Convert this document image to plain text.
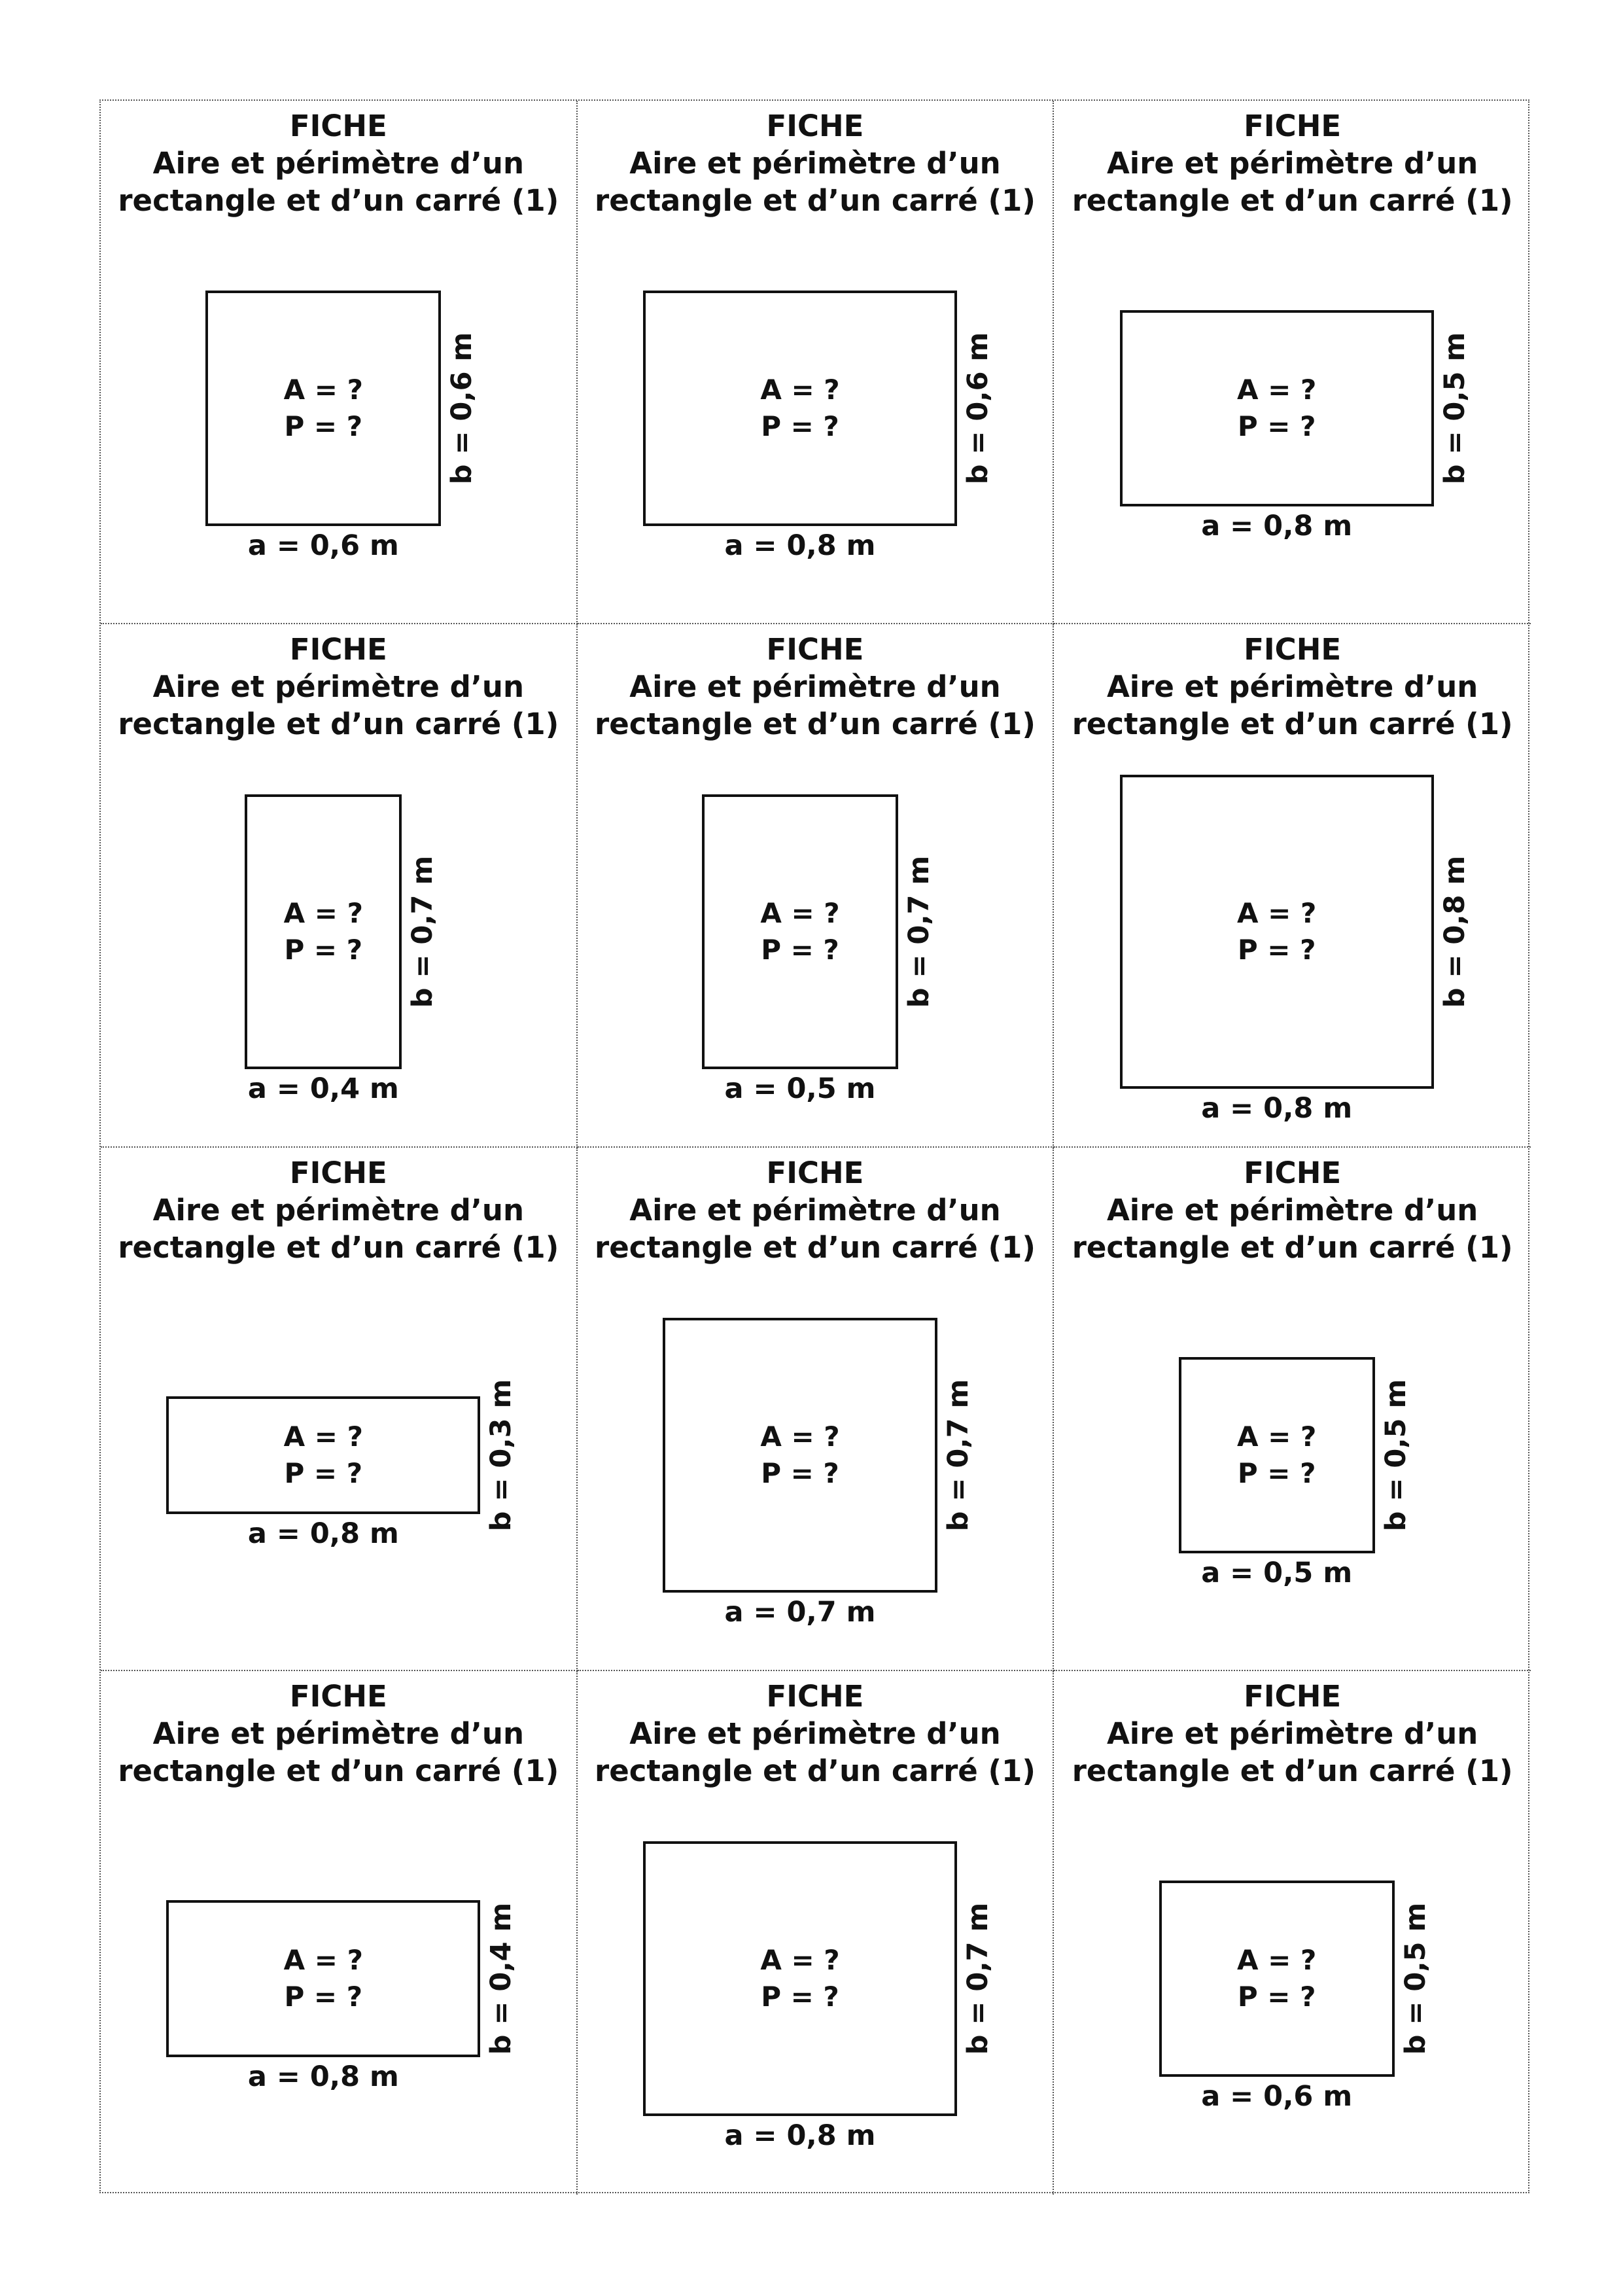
FICHE
Aire et périmètre d’un
rectangle et d’un carré (1)
A = ?
P = ?
a = 0,6 m
b = 0,6 m
FICHE
Aire et périmètre d’un
rectangle et d’un carré (1)
A = ?
P = ?
a = 0,8 m
b = 0,6 m
FICHE
Aire et périmètre d’un
rectangle et d’un carré (1)
A = ?
P = ?
a = 0,8 m
b = 0,5 m
FICHE
Aire et périmètre d’un
rectangle et d’un carré (1)
A = ?
P = ?
a = 0,4 m
b = 0,7 m
FICHE
Aire et périmètre d’un
rectangle et d’un carré (1)
A = ?
P = ?
a = 0,5 m
b = 0,7 m
FICHE
Aire et périmètre d’un
rectangle et d’un carré (1)
A = ?
P = ?
a = 0,8 m
b = 0,8 m
FICHE
Aire et périmètre d’un
rectangle et d’un carré (1)
A = ?
P = ?
a = 0,8 m
b = 0,3 m
FICHE
Aire et périmètre d’un
rectangle et d’un carré (1)
A = ?
P = ?
a = 0,7 m
b = 0,7 m
FICHE
Aire et périmètre d’un
rectangle et d’un carré (1)
A = ?
P = ?
a = 0,5 m
b = 0,5 m
FICHE
Aire et périmètre d’un
rectangle et d’un carré (1)
A = ?
P = ?
a = 0,8 m
b = 0,4 m
FICHE
Aire et périmètre d’un
rectangle et d’un carré (1)
A = ?
P = ?
a = 0,8 m
b = 0,7 m
FICHE
Aire et périmètre d’un
rectangle et d’un carré (1)
A = ?
P = ?
a = 0,6 m
b = 0,5 m
